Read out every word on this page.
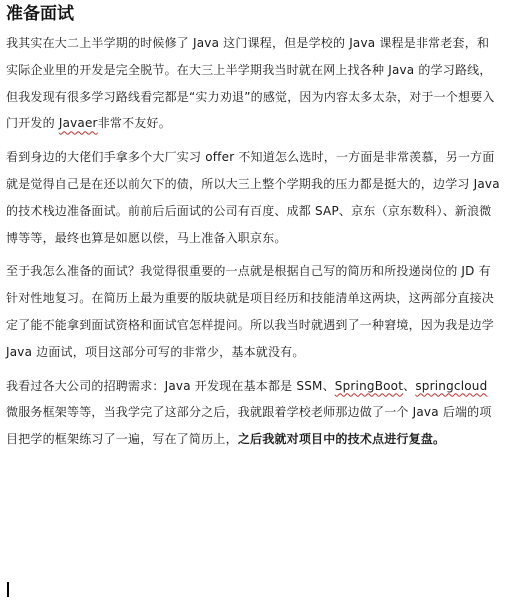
准备面试

我其实在大二上半学期的时候修了 Java 这门课程，但是学校的 Java 课程是非常老套，和实际企业里的开发是完全脱节。在大三上半学期我当时就在网上找各种 Java 的学习路线，但我发现有很多学习路线看完都是“实力劝退”的感觉，因为内容太多太杂，对于一个想要入门开发的 Javaer非常不友好。

看到身边的大佬们手拿多个大厂实习 offer 不知道怎么选时，一方面是非常羡慕，另一方面就是觉得自己是在还以前欠下的债，所以大三上整个学期我的压力都是挺大的，边学习 Java 的技术栈边准备面试。前前后后面试的公司有百度、成都 SAP、京东（京东数科）、新浪微博等等，最终也算是如愿以偿，马上准备入职京东。

至于我怎么准备的面试？我觉得很重要的一点就是根据自己写的简历和所投递岗位的 JD 有针对性地复习。在简历上最为重要的版块就是项目经历和技能清单这两块，这两部分直接决定了能不能拿到面试资格和面试官怎样提问。所以我当时就遇到了一种窘境，因为我是边学 Java 边面试，项目这部分可写的非常少，基本就没有。

我看过各大公司的招聘需求：Java 开发现在基本都是 SSM、SpringBoot、springcloud 微服务框架等等，当我学完了这部分之后，我就跟着学校老师那边做了一个 Java 后端的项目把学的框架练习了一遍，写在了简历上，之后我就对项目中的技术点进行复盘。
